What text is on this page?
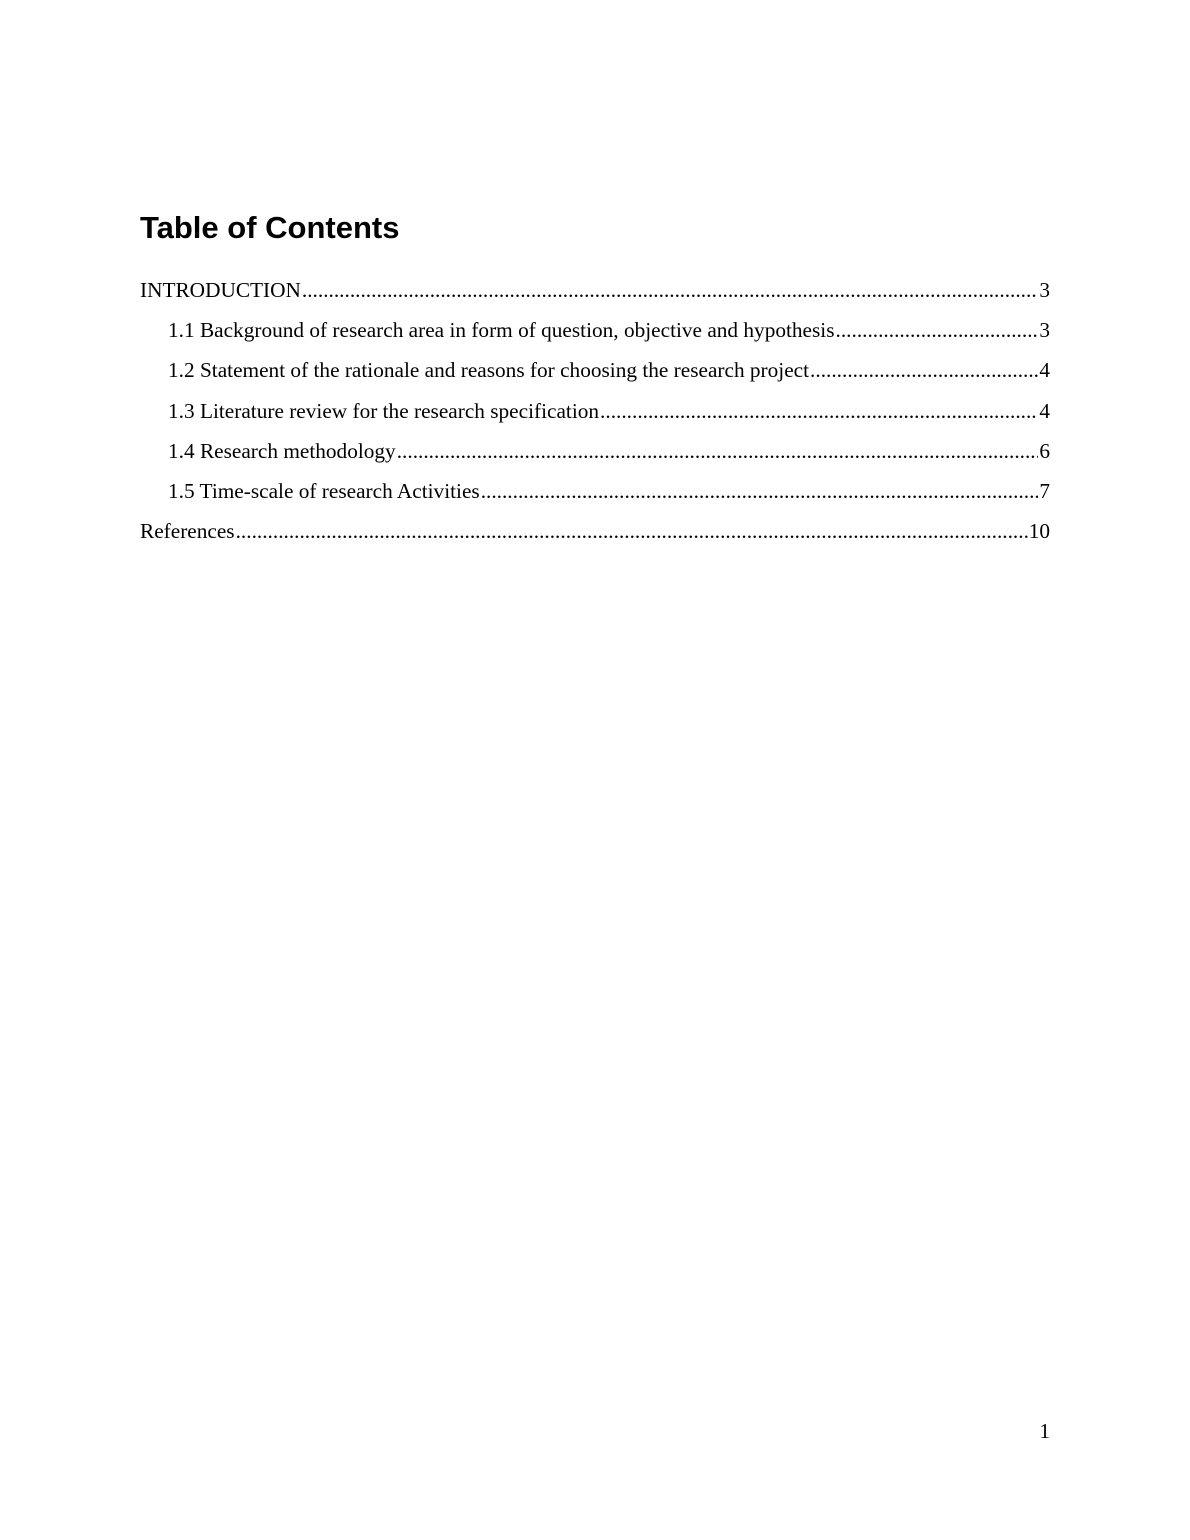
Table of Contents
INTRODUCTION .....	3
1.1 Background of research area in form of question, objective and hypothesis .....	3
1.2 Statement of the rationale and reasons for choosing the research project .....	4
1.3 Literature review for the research specification .....	4
1.4 Research methodology .....	6
1.5 Time-scale of research Activities .....	7
References .....	10
1
